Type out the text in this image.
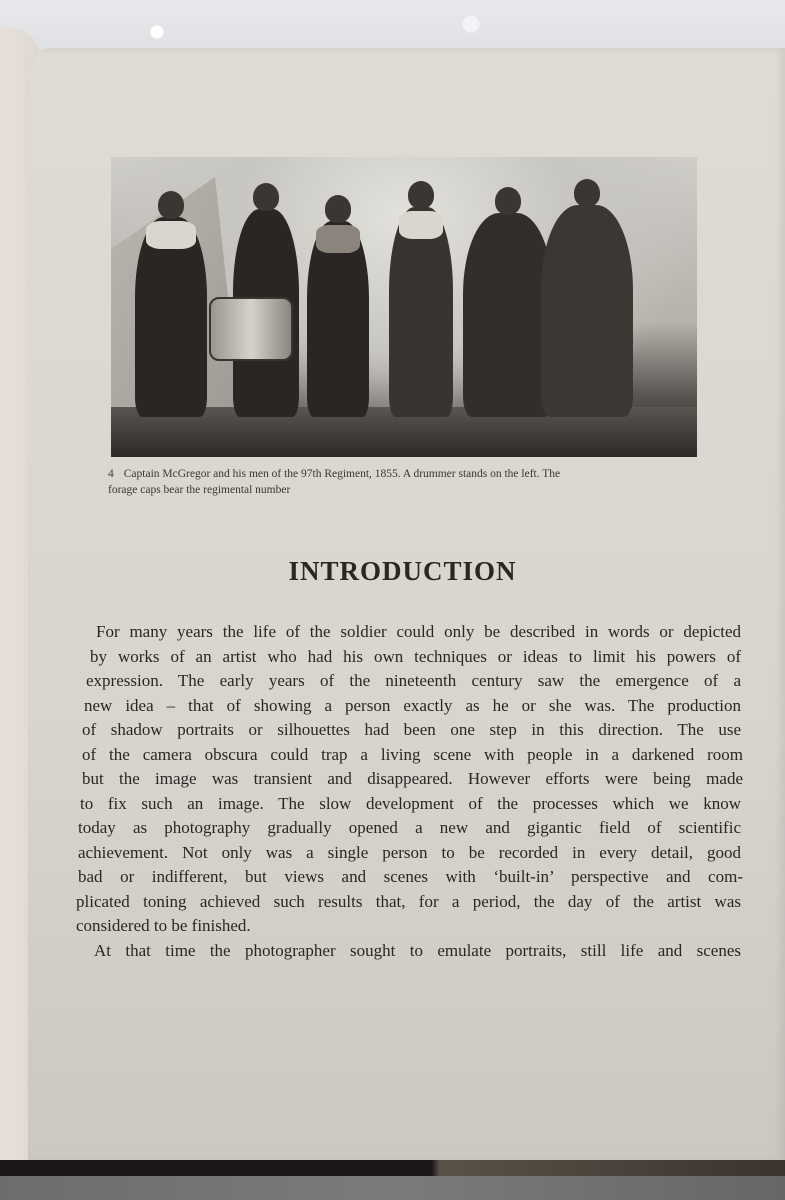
4 Captain McGregor and his men of the 97th Regiment, 1855. A drummer stands on the left. The
forage caps bear the regimental number
INTRODUCTION
For many years the life of the soldier could only be described in words or depicted
by works of an artist who had his own techniques or ideas to limit his powers of
expression. The early years of the nineteenth century saw the emergence of a
new idea – that of showing a person exactly as he or she was. The production
of shadow portraits or silhouettes had been one step in this direction. The use
of the camera obscura could trap a living scene with people in a darkened room
but the image was transient and disappeared. However efforts were being made
to fix such an image. The slow development of the processes which we know
today as photography gradually opened a new and gigantic field of scientific
achievement. Not only was a single person to be recorded in every detail, good
bad or indifferent, but views and scenes with ‘built-in’ perspective and com-
plicated toning achieved such results that, for a period, the day of the artist was
considered to be finished.
At that time the photographer sought to emulate portraits, still life and scenes
